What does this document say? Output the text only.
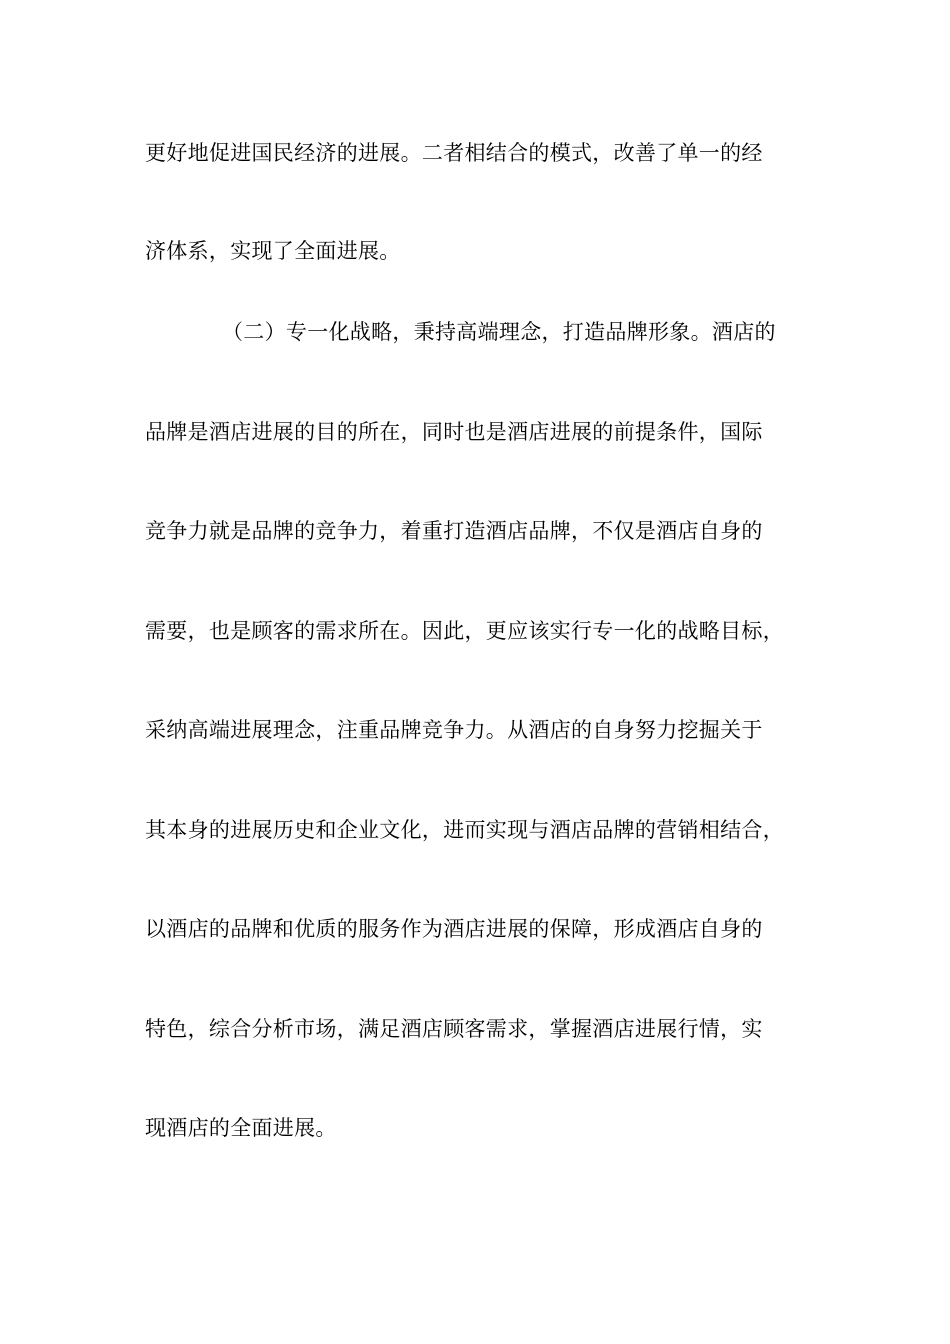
更好地促进国民经济的进展。二者相结合的模式，改善了单一的经
济体系，实现了全面进展。
（二）专一化战略，秉持高端理念，打造品牌形象。酒店的
品牌是酒店进展的目的所在，同时也是酒店进展的前提条件，国际
竞争力就是品牌的竞争力，着重打造酒店品牌，不仅是酒店自身的
需要，也是顾客的需求所在。因此，更应该实行专一化的战略目标，
采纳高端进展理念，注重品牌竞争力。从酒店的自身努力挖掘关于
其本身的进展历史和企业文化，进而实现与酒店品牌的营销相结合，
以酒店的品牌和优质的服务作为酒店进展的保障，形成酒店自身的
特色，综合分析市场，满足酒店顾客需求，掌握酒店进展行情，实
现酒店的全面进展。
